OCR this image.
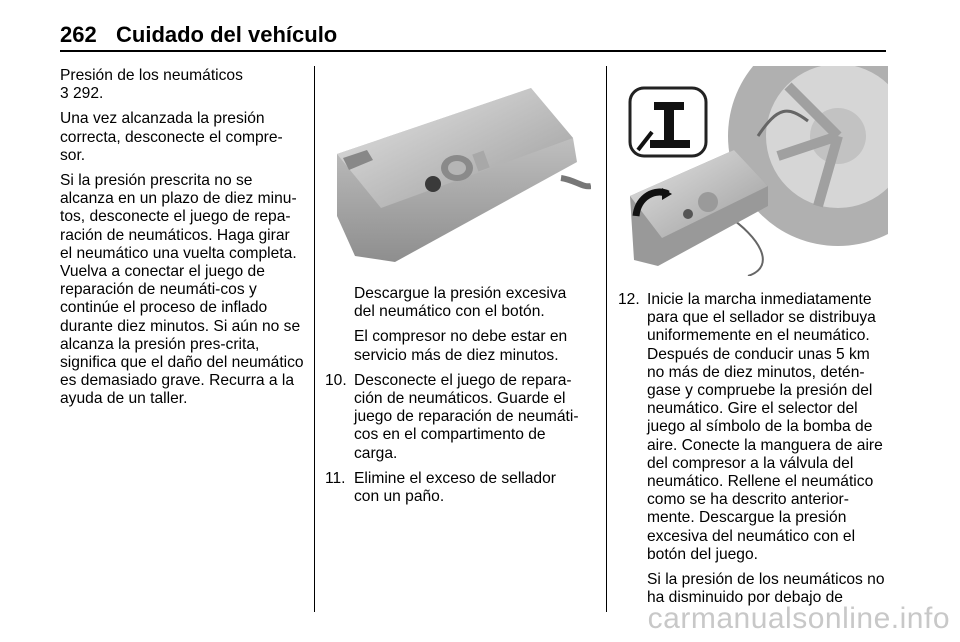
262 Cuidado del vehículo

Presión de los neumáticos
3 292.

Una vez alcanzada la presión correcta, desconecte el compre-sor.

Si la presión prescrita no se alcanza en un plazo de diez minu-tos, desconecte el juego de repa-ración de neumáticos. Haga girar el neumático una vuelta completa. Vuelva a conectar el juego de reparación de neumáti-cos y continúe el proceso de inflado durante diez minutos. Si aún no se alcanza la presión pres-crita, significa que el daño del neumático es demasiado grave. Recurra a la ayuda de un taller.

Descargue la presión excesiva del neumático con el botón.

El compresor no debe estar en servicio más de diez minutos.

10. Desconecte el juego de repara-ción de neumáticos. Guarde el juego de reparación de neumáti-cos en el compartimento de carga.
11. Elimine el exceso de sellador con un paño.
12. Inicie la marcha inmediatamente para que el sellador se distribuya uniformemente en el neumático. Después de conducir unas 5 km no más de diez minutos, detén-gase y compruebe la presión del neumático. Gire el selector del juego al símbolo de la bomba de aire. Conecte la manguera de aire del compresor a la válvula del neumático. Rellene el neumático como se ha descrito anterior-mente. Descargue la presión excesiva del neumático con el botón del juego.

Si la presión de los neumáticos no ha disminuido por debajo de

carmanualsonline.info
